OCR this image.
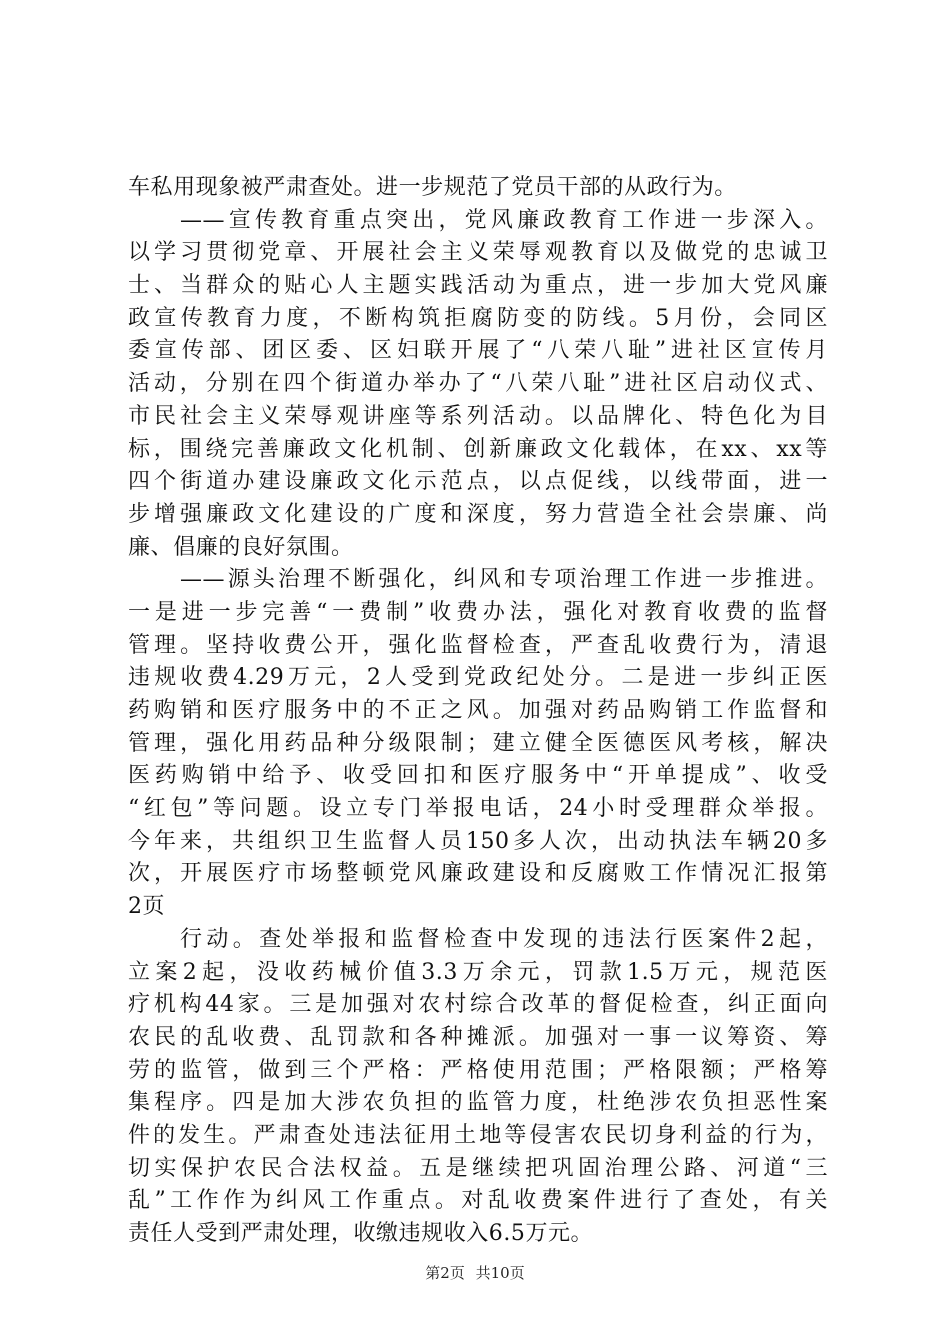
车私用现象被严肃查处。进一步规范了党员干部的从政行为。
——宣传教育重点突出，党风廉政教育工作进一步深入。
以学习贯彻党章、开展社会主义荣辱观教育以及做党的忠诚卫
士、当群众的贴心人主题实践活动为重点，进一步加大党风廉
政宣传教育力度，不断构筑拒腐防变的防线。5月份，会同区
委宣传部、团区委、区妇联开展了“八荣八耻”进社区宣传月
活动，分别在四个街道办举办了“八荣八耻”进社区启动仪式、
市民社会主义荣辱观讲座等系列活动。以品牌化、特色化为目
标，围绕完善廉政文化机制、创新廉政文化载体，在xx、xx等
四个街道办建设廉政文化示范点，以点促线，以线带面，进一
步增强廉政文化建设的广度和深度，努力营造全社会崇廉、尚
廉、倡廉的良好氛围。
——源头治理不断强化，纠风和专项治理工作进一步推进。
一是进一步完善“一费制”收费办法，强化对教育收费的监督
管理。坚持收费公开，强化监督检查，严查乱收费行为，清退
违规收费4.29万元，2人受到党政纪处分。二是进一步纠正医
药购销和医疗服务中的不正之风。加强对药品购销工作监督和
管理，强化用药品种分级限制；建立健全医德医风考核，解决
医药购销中给予、收受回扣和医疗服务中“开单提成”、收受
“红包”等问题。设立专门举报电话，24小时受理群众举报。
今年来，共组织卫生监督人员150多人次，出动执法车辆20多
次，开展医疗市场整顿党风廉政建设和反腐败工作情况汇报第
2页
行动。查处举报和监督检查中发现的违法行医案件2起，
立案2起，没收药械价值3.3万余元，罚款1.5万元，规范医
疗机构44家。三是加强对农村综合改革的督促检查，纠正面向
农民的乱收费、乱罚款和各种摊派。加强对一事一议筹资、筹
劳的监管，做到三个严格：严格使用范围；严格限额；严格筹
集程序。四是加大涉农负担的监管力度，杜绝涉农负担恶性案
件的发生。严肃查处违法征用土地等侵害农民切身利益的行为，
切实保护农民合法权益。五是继续把巩固治理公路、河道“三
乱”工作作为纠风工作重点。对乱收费案件进行了查处，有关
责任人受到严肃处理，收缴违规收入6.5万元。
第2页 共10页
